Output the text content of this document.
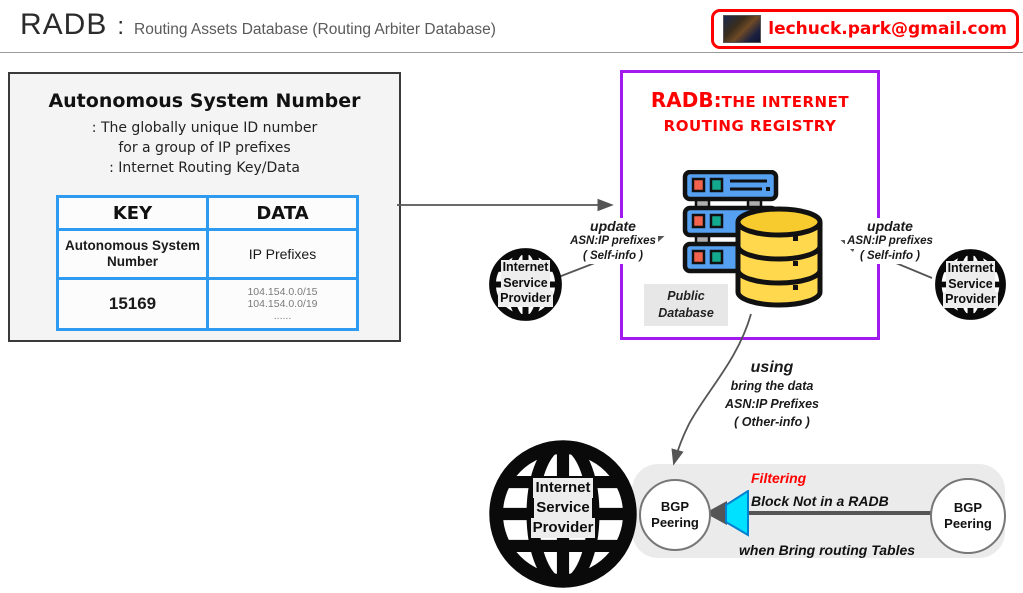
RADB : Routing Assets Database (Routing Arbiter Database)	lechuck.park@gmail.com
Autonomous System Number
: The globally unique ID number
for a group of IP prefixes
: Internet Routing Key/Data
KEY	DATA
Autonomous System Number	IP Prefixes
15169	104.154.0.0/15
104.154.0.0/19
......
RADB:THE INTERNET
ROUTING REGISTRY
Public
Database
Internet
Service
Provider
Internet
Service
Provider
update
ASN:IP prefixes
( Self-info )
update
ASN:IP prefixes
( Self-info )
using
bring the data
ASN:IP Prefixes
( Other-info )
Internet
Service
Provider
BGP
Peering
BGP
Peering
Filtering
Block Not in a RADB
when Bring routing Tables
